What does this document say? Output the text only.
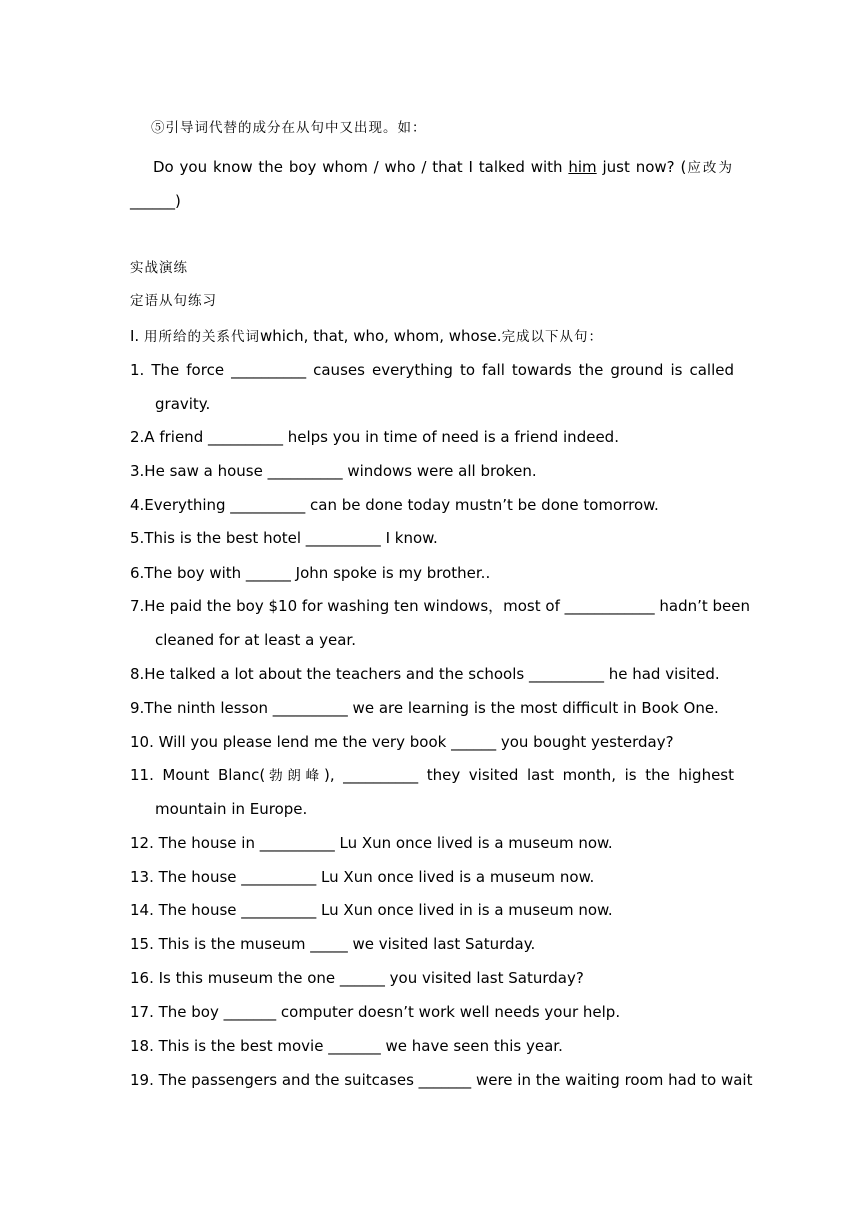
⑤引导词代替的成分在从句中又出现。如：
Do you know the boy whom / who / that I talked with him just now? (应改为
______)
实战演练
定语从句练习
I. 用所给的关系代词which, that, who, whom, whose.完成以下从句：
1. The force __________ causes everything to fall towards the ground is called
gravity.
2.A friend __________ helps you in time of need is a friend indeed.
3.He saw a house __________ windows were all broken.
4.Everything __________ can be done today mustn’t be done tomorrow.
5.This is the best hotel __________ I know.
6.The boy with ______ John spoke is my brother..
7.He paid the boy $10 for washing ten windows，most of ____________ hadn’t been
cleaned for at least a year.
8.He talked a lot about the teachers and the schools __________ he had visited.
9.The ninth lesson __________ we are learning is the most difficult in Book One.
10. Will you please lend me the very book ______ you bought yesterday?
11. Mount Blanc(勃朗峰), __________ they visited last month, is the highest
mountain in Europe.
12. The house in __________ Lu Xun once lived is a museum now.
13. The house __________ Lu Xun once lived is a museum now.
14. The house __________ Lu Xun once lived in is a museum now.
15. This is the museum _____ we visited last Saturday.
16. Is this museum the one ______ you visited last Saturday?
17. The boy _______ computer doesn’t work well needs your help.
18. This is the best movie _______ we have seen this year.
19. The passengers and the suitcases _______ were in the waiting room had to wait
